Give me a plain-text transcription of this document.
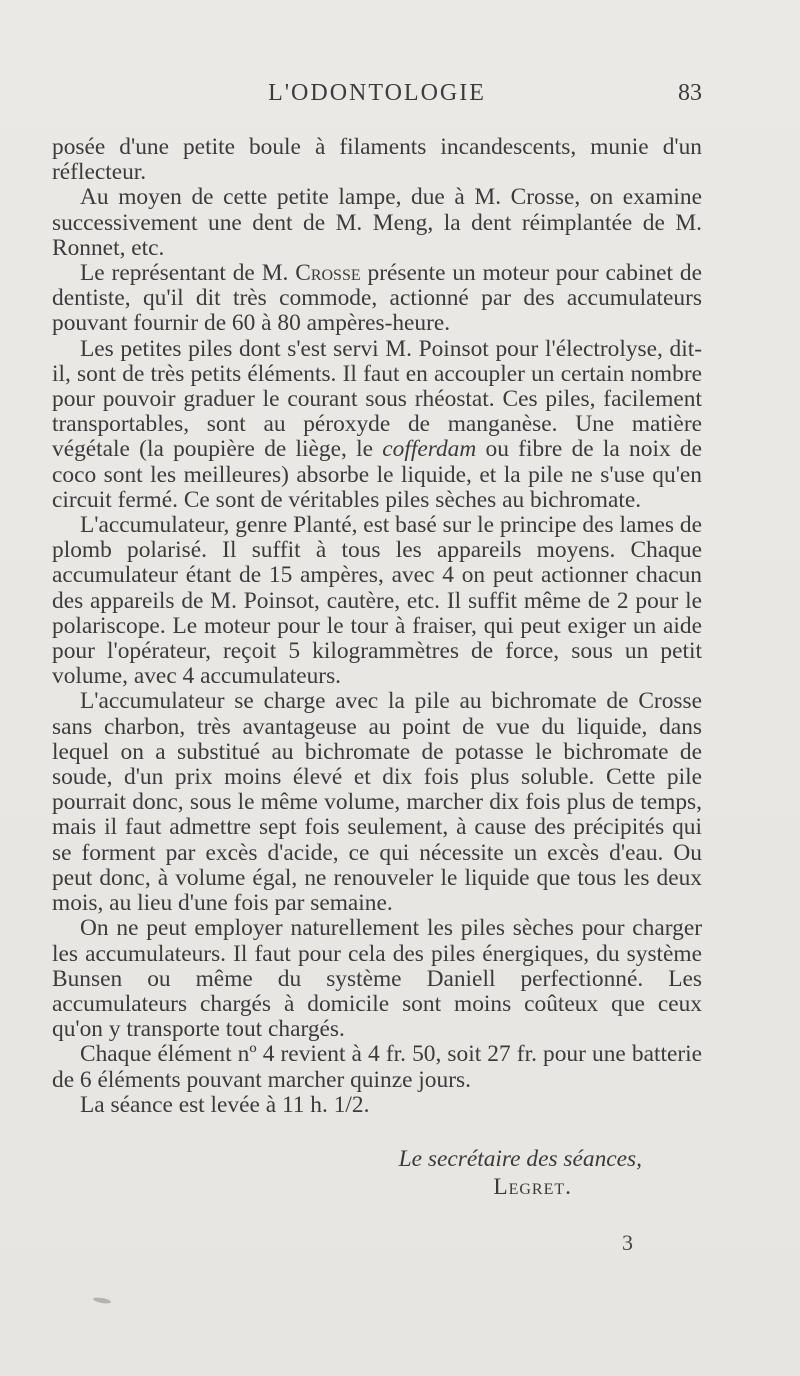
L'ODONTOLOGIE	83

posée d'une petite boule à filaments incandescents, munie d'un réflecteur.

Au moyen de cette petite lampe, due à M. Crosse, on examine successivement une dent de M. Meng, la dent réimplantée de M. Ronnet, etc.

Le représentant de M. Crosse présente un moteur pour cabinet de dentiste, qu'il dit très commode, actionné par des accumulateurs pouvant fournir de 60 à 80 ampères-heure.

Les petites piles dont s'est servi M. Poinsot pour l'électrolyse, dit-il, sont de très petits éléments. Il faut en accoupler un certain nombre pour pouvoir graduer le courant sous rhéostat. Ces piles, facilement transportables, sont au péroxyde de manganèse. Une matière végétale (la poupière de liège, le cofferdam ou fibre de la noix de coco sont les meilleures) absorbe le liquide, et la pile ne s'use qu'en circuit fermé. Ce sont de véritables piles sèches au bichromate.

L'accumulateur, genre Planté, est basé sur le principe des lames de plomb polarisé. Il suffit à tous les appareils moyens. Chaque accumulateur étant de 15 ampères, avec 4 on peut actionner chacun des appareils de M. Poinsot, cautère, etc. Il suffit même de 2 pour le polariscope. Le moteur pour le tour à fraiser, qui peut exiger un aide pour l'opérateur, reçoit 5 kilogrammètres de force, sous un petit volume, avec 4 accumulateurs.

L'accumulateur se charge avec la pile au bichromate de Crosse sans charbon, très avantageuse au point de vue du liquide, dans lequel on a substitué au bichromate de potasse le bichromate de soude, d'un prix moins élevé et dix fois plus soluble. Cette pile pourrait donc, sous le même volume, marcher dix fois plus de temps, mais il faut admettre sept fois seulement, à cause des précipités qui se forment par excès d'acide, ce qui nécessite un excès d'eau. Ou peut donc, à volume égal, ne renouveler le liquide que tous les deux mois, au lieu d'une fois par semaine.

On ne peut employer naturellement les piles sèches pour charger les accumulateurs. Il faut pour cela des piles énergiques, du système Bunsen ou même du système Daniell perfectionné. Les accumulateurs chargés à domicile sont moins coûteux que ceux qu'on y transporte tout chargés.

Chaque élément nº 4 revient à 4 fr. 50, soit 27 fr. pour une batterie de 6 éléments pouvant marcher quinze jours.

La séance est levée à 11 h. 1/2.

Le secrétaire des séances,
Legret.
3
